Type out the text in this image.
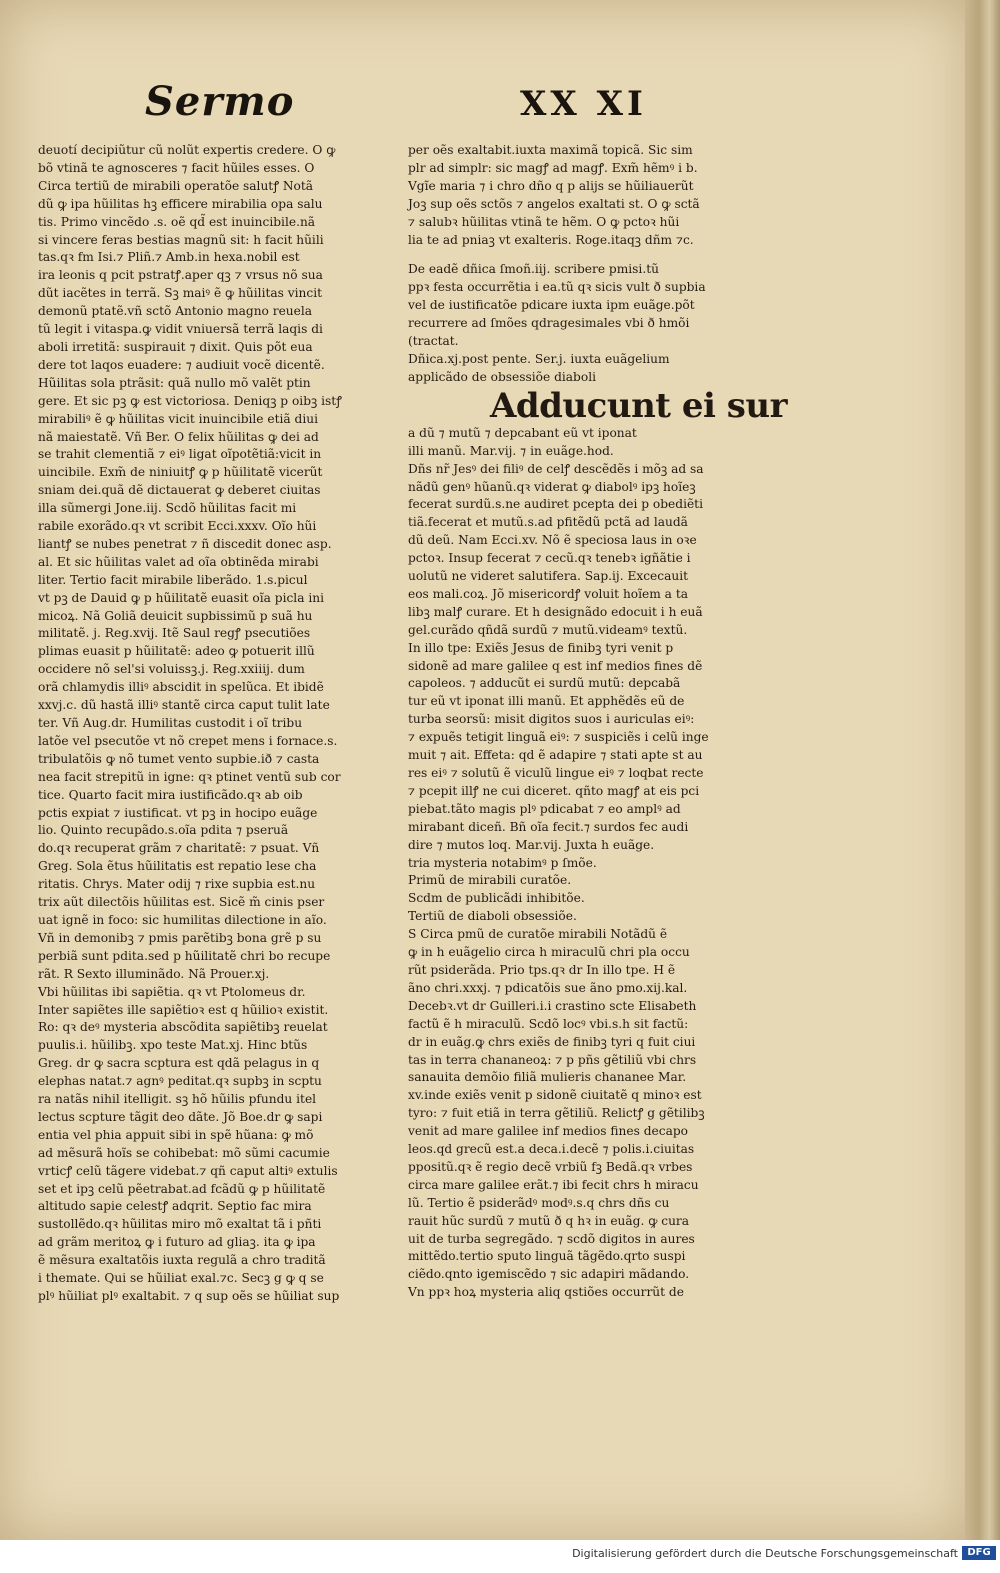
Sermo	XX XI
deuotí decipiũtur cũ nolũt expertis credere. O ꝙ
bõ vtinã te agnosceres ⁊ facit hũiles esses. O
Circa tertiũ de mirabili operatõe salutꝭ Notã
dũ ꝙ ipa hũilitas hꝫ efficere mirabilia opa salu
tis. Primo vincẽdo .s. oẽ qd̃ est inuincibile.nã
si vincere feras bestias magnũ sit: h facit hũili
tas.qꝛ fm Isi.⁊ Pliñ.⁊ Amb.in hexa.nobil est
ira leonis q pcit pstratꝭ.aper qꝫ ⁊ vrsus nõ sua
dũt iacẽtes in terrã. Sꝫ maiꝰ ẽ ꝙ hũilitas vincit
demonũ ptatẽ.vñ sctõ Antonio magno reuela
tũ legit i vitaspa.ꝙ vidit vniuersã terrã laqis di
aboli irretitã: suspirauit ⁊ dixit. Quis põt eua
dere tot laqos euadere: ⁊ audiuit vocẽ dicentẽ.
Hũilitas sola ptrãsit: quã nullo mõ valẽt ptin
gere. Et sic pꝫ ꝙ est victoriosa. Deniqꝫ p oibꝫ istꝭ
mirabiliꝰ ẽ ꝙ hũilitas vicit inuincibile etiã diui
nã maiestatẽ. Vñ Ber. O felix hũilitas ꝙ dei ad
se trahit clementiã ⁊ eiꝰ ligat oĩpotẽtiã:vicit in
uincibile. Exm̃ de niniuitꝭ ꝙ p hũilitatẽ vicerũt
sniam dei.quã dẽ dictauerat ꝙ deberet ciuitas
illa sũmergi Jone.iij. Scdõ hũilitas facit mi
rabile exorãdo.qꝛ vt scribit Ecci.xxxv. Oĩo hũi
liantꝭ se nubes penetrat ⁊ ñ discedit donec asp.
al. Et sic hũilitas valet ad oĩa obtinẽda mirabi
liter. Tertio facit mirabile liberãdo. 1.s.picul
vt pꝫ de Dauid ꝙ p hũilitatẽ euasit oĩa picla ini
micoꝝ. Nã Goliã deuicit supbissimũ p suã hu
militatẽ. j. Reg.xvij. Itẽ Saul regꝭ psecutiões
plimas euasit p hũilitatẽ: adeo ꝙ potuerit illũ
occidere nõ sel'si voluissꝫ.j. Reg.xxiiij. dum
orã chlamydis illiꝰ abscidit in spelũca. Et ibidẽ
xxvj.c. dũ hastã illiꝰ stantẽ circa caput tulit late
ter. Vñ Aug.dr. Humilitas custodit i oĩ tribu
latõe vel psecutõe vt nõ crepet mens i fornace.s.
tribulatõis ꝙ nõ tumet vento supbie.ið ⁊ casta
nea facit strepitũ in igne: qꝛ ptinet ventũ sub cor
tice. Quarto facit mira iustificãdo.qꝛ ab oib
pctis expiat ⁊ iustificat. vt pꝫ in hocipo euãge
lio. Quinto recupãdo.s.oĩa pdita ⁊ pseruã
do.qꝛ recuperat grãm ⁊ charitatẽ: ⁊ psuat. Vñ
Greg. Sola ẽtus hũilitatis est repatio lese cha
ritatis. Chrys. Mater odij ⁊ rixe supbia est.nu
trix aũt dilectõis hũilitas est. Sicẽ m̃ cinis pser
uat ignẽ in foco: sic humilitas dilectione in aĩo.
Vñ in demonibꝫ ⁊ pmis parẽtibꝫ bona grẽ p su
perbiã sunt pdita.sed p hũilitatẽ chri bo recupe
rãt. R Sexto illuminãdo. Nã Prouer.xj.
Vbi hũilitas ibi sapiẽtia. qꝛ vt Ptolomeus dr.
Inter sapiẽtes ille sapiẽtioꝛ est q hũilioꝛ existit.
Ro: qꝛ deꝰ mysteria abscõdita sapiẽtibꝫ reuelat
puulis.i. hũilibꝫ. xpo teste Mat.xj. Hinc btũs
Greg. dr ꝙ sacra scptura est qdã pelagus in q
elephas natat.⁊ agnꝰ peditat.qꝛ supbꝫ in scptu
ra natãs nihil itelligit. sꝫ hõ hũilis pfundu itel
lectus scpture tãgit deo dãte. Jõ Boe.dr ꝙ sapi
entia vel phia appuit sibi in spẽ hũana: ꝙ mõ
ad mẽsurã hoĩs se cohibebat: mõ sũmi cacumie
vrticꝭ celũ tãgere videbat.⁊ qñ caput altiꝰ extulis
set et ipꝫ celũ pẽetrabat.ad fcãdũ ꝙ p hũilitatẽ
altitudo sapie celestꝭ adqrit. Septio fac mira
sustollẽdo.qꝛ hũilitas miro mõ exaltat tã i pñti
ad grãm meritoꝝ ꝙ i futuro ad gliaꝫ. ita ꝙ ipa
ẽ mẽsura exaltatõis iuxta regulã a chro traditã
i themate. Qui se hũiliat exal.⁊c. Secꝫ g ꝙ q se
plꝰ hũiliat plꝰ exaltabit. ⁊ q sup oẽs se hũiliat sup
per oẽs exaltabit.iuxta maximã topicã. Sic sim
plr ad simplr: sic magꝭ ad magꝭ. Exm̃ hẽmꝰ i b.
Vgĩe maria ⁊ i chro dño q p alijs se hũiliauerũt
Joꝫ sup oẽs sctõs ⁊ angelos exaltati st. O ꝙ sctã
⁊ salubꝛ hũilitas vtinã te hẽm. O ꝙ pctoꝛ hũi
lia te ad pniaꝫ vt exalteris. Roge.itaqꝫ dñm ⁊c.
De eadẽ dñica ſmoñ.iij. scribere pmisi.tũ
ppꝛ festa occurrẽtia i ea.tũ qꝛ sicis vult ð supbia
vel de iustificatõe pdicare iuxta ipm euãge.põt
recurrere ad ſmões qdragesimales vbi ð hmõi
(tractat.
Dñica.xj.post pente. Ser.j. iuxta euãgelium
applicãdo de obsessiõe diaboli
Adducunt ei sur
a dũ ⁊ mutũ ⁊ depcabant eũ vt iponat
illi manũ. Mar.vij. ⁊ in euãge.hod.
Dñs nr̃ Jesꝰ dei filiꝰ de celꝭ descẽdẽs i mõꝫ ad sa
nãdũ genꝰ hũanũ.qꝛ viderat ꝙ diabolꝰ ipꝫ hoĩeꝫ
fecerat surdũ.s.ne audiret pcepta dei p obediẽti
tiã.fecerat et mutũ.s.ad pfitẽdũ pctã ad laudã
dũ deũ. Nam Ecci.xv. Nõ ẽ speciosa laus in oꝛe
pctoꝛ. Insup fecerat ⁊ cecũ.qꝛ tenebꝛ igñãtie i
uolutũ ne videret salutifera. Sap.ij. Excecauit
eos mali.coꝝ. Jõ misericordꝭ voluit hoĩem a ta
libꝫ malꝭ curare. Et h designãdo edocuit i h euã
gel.curãdo qñdã surdũ ⁊ mutũ.videamꝰ textũ.
In illo tpe: Exiẽs Jesus de finibꝫ tyri venit p
sidonẽ ad mare galilee q est inf medios fines dẽ
capoleos. ⁊ adducũt ei surdũ mutũ: depcabã
tur eũ vt iponat illi manũ. Et apphẽdẽs eũ de
turba seorsũ: misit digitos suos i auriculas eiꝰ:
⁊ expuẽs tetigit linguã eiꝰ: ⁊ suspiciẽs i celũ inge
muit ⁊ ait. Effeta: qd ẽ adapire ⁊ stati apte st au
res eiꝰ ⁊ solutũ ẽ viculũ lingue eiꝰ ⁊ loqbat recte
⁊ pcepit illꝭ ne cui diceret. qñto magꝭ at eis pci
piebat.tãto magis plꝰ pdicabat ⁊ eo amplꝰ ad
mirabant diceñ. Bñ oĩa fecit.⁊ surdos fec audi
dire ⁊ mutos loq. Mar.vij. Juxta h euãge.
tria mysteria notabimꝰ p ſmõe.
Primũ de mirabili curatõe.
Scdm de publicãdi inhibitõe.
Tertiũ de diaboli obsessiõe.
S Circa pmũ de curatõe mirabili Notãdũ ẽ
ꝙ in h euãgelio circa h miraculũ chri pla occu
rũt psiderãda. Prio tps.qꝛ dr In illo tpe. H ẽ
ãno chri.xxxj. ⁊ pdicatõis sue ãno pmo.xij.kal.
Decebꝛ.vt dr Guilleri.i.i crastino scte Elisabeth
factũ ẽ h miraculũ. Scdõ locꝰ vbi.s.h sit factũ:
dr in euãg.ꝙ chrs exiẽs de finibꝫ tyri q fuit ciui
tas in terra chananeoꝝ: ⁊ p pñs gẽtiliũ vbi chrs
sanauita demõio filiã mulieris chananee Mar.
xv.inde exiẽs venit p sidonẽ ciuitatẽ q minoꝛ est
tyro: ⁊ fuit etiã in terra gẽtiliũ. Relictꝭ g gẽtilibꝫ
venit ad mare galilee inf medios fines decapo
leos.qd grecũ est.a deca.i.decẽ ⁊ polis.i.ciuitas
ppositũ.qꝛ ẽ regio decẽ vrbiũ fꝫ Bedã.qꝛ vrbes
circa mare galilee erãt.⁊ ibi fecit chrs h miracu
lũ. Tertio ẽ psiderãdꝰ modꝰ.s.q chrs dñs cu
rauit hũc surdũ ⁊ mutũ ð q hꝛ in euãg. ꝙ cura
uit de turba segregãdo. ⁊ scdõ digitos in aures
mittẽdo.tertio sputo linguã tãgẽdo.qrto suspi
ciẽdo.qnto igemiscẽdo ⁊ sic adapiri mãdando.
Vn ppꝛ hoꝝ mysteria aliq qstiões occurrũt de
Digitalisierung gefördert durch die Deutsche Forschungsgemeinschaft DFG
